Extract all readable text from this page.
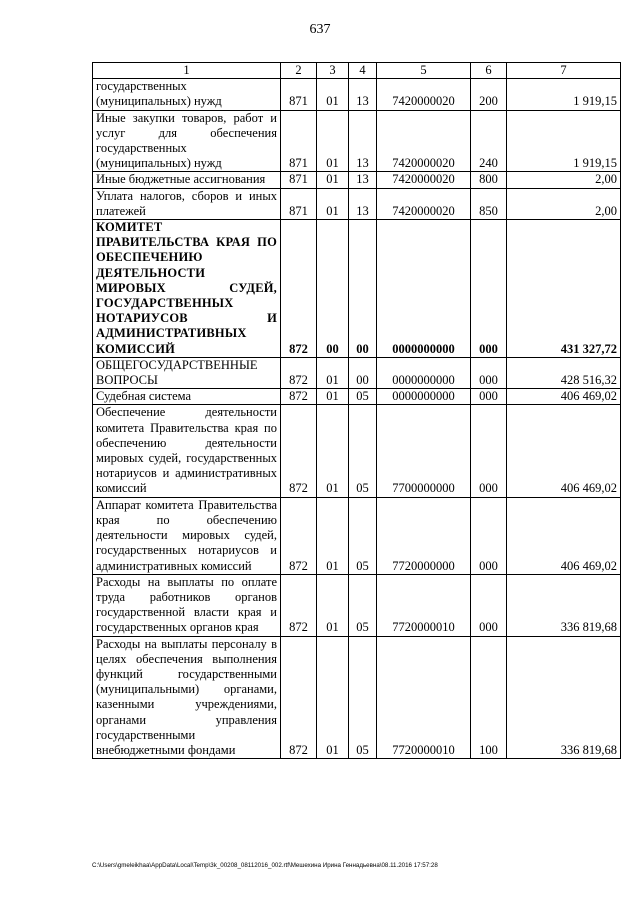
637
1	2	3	4	5	6	7
государственных (муниципальных) нужд	871	01	13	7420000020	200	1 919,15
Иные закупки товаров, работ и услуг для обеспечения государственных (муниципальных) нужд	871	01	13	7420000020	240	1 919,15
Иные бюджетные ассигнования	871	01	13	7420000020	800	2,00
Уплата налогов, сборов и иных платежей	871	01	13	7420000020	850	2,00
КОМИТЕТ ПРАВИТЕЛЬСТВА КРАЯ ПО ОБЕСПЕЧЕНИЮ ДЕЯТЕЛЬНОСТИ МИРОВЫХ СУДЕЙ, ГОСУДАРСТВЕННЫХ НОТАРИУСОВ И АДМИНИСТРАТИВНЫХ КОМИССИЙ	872	00	00	0000000000	000	431 327,72
ОБЩЕГОСУДАРСТВЕННЫЕ ВОПРОСЫ	872	01	00	0000000000	000	428 516,32
Судебная система	872	01	05	0000000000	000	406 469,02
Обеспечение деятельности комитета Правительства края по обеспечению деятельности мировых судей, государственных нотариусов и административных комиссий	872	01	05	7700000000	000	406 469,02
Аппарат комитета Правительства края по обеспечению деятельности мировых судей, государственных нотариусов и административных комиссий	872	01	05	7720000000	000	406 469,02
Расходы на выплаты по оплате труда работников органов государственной власти края и государственных органов края	872	01	05	7720000010	000	336 819,68
Расходы на выплаты персоналу в целях обеспечения выполнения функций государственными (муниципальными) органами, казенными учреждениями, органами управления государственными внебюджетными фондами	872	01	05	7720000010	100	336 819,68
C:\Users\gmeleikhaa\AppData\Local\Temp\3k_00208_08112016_002.rtf\Мешехина Ирина Геннадьевна\08.11.2016 17:57:28
